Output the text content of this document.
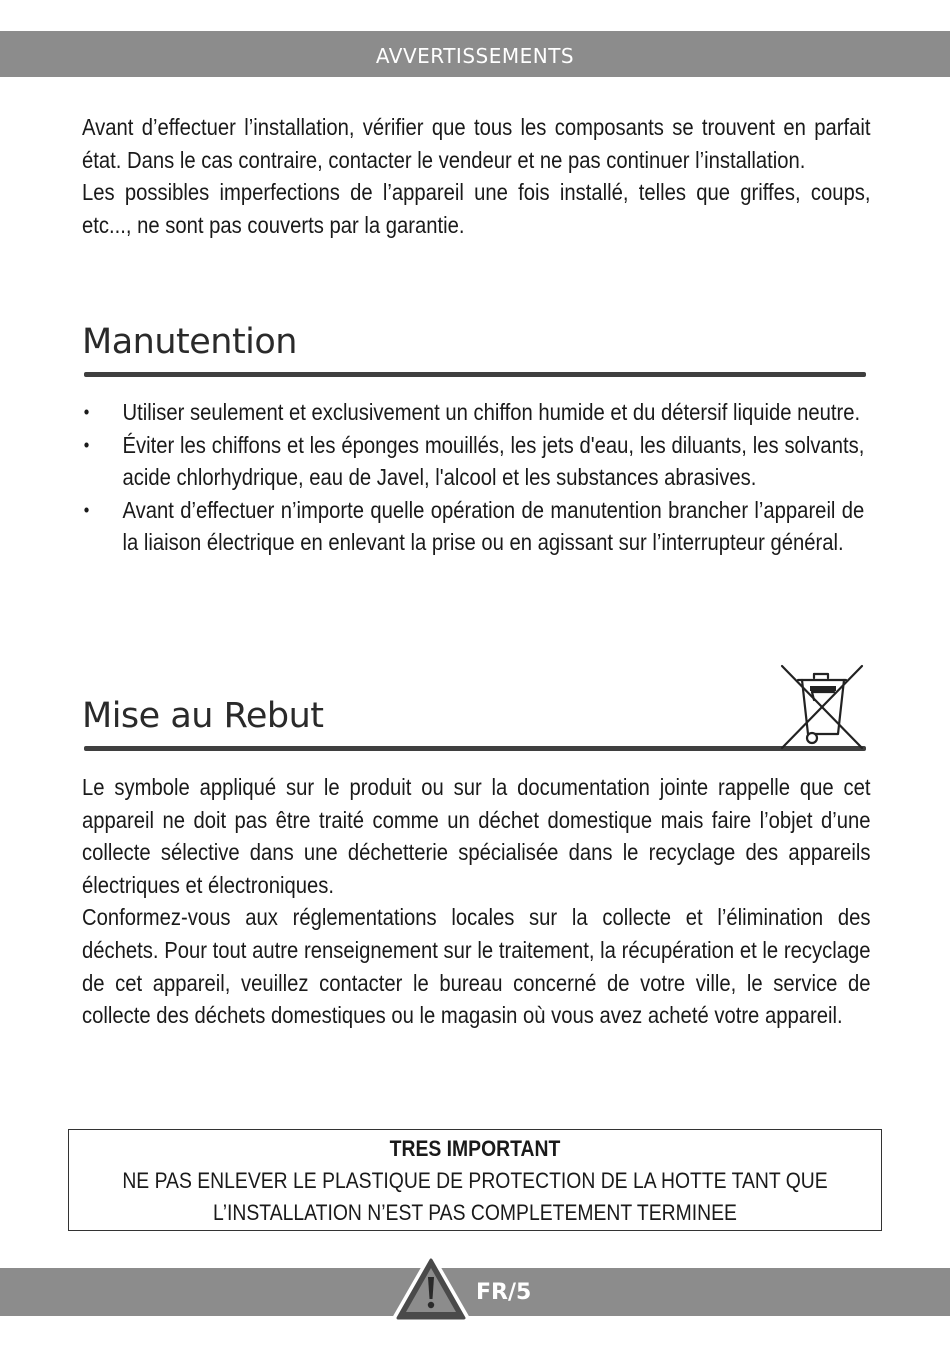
AVVERTISSEMENTS

Avant d’effectuer l’installation, vérifier que tous les composants se trouvent en parfait état. Dans le cas contraire, contacter le vendeur et ne pas continuer l’installation.

Les possibles imperfections de l’appareil une fois installé, telles que griffes, coups, etc..., ne sont pas couverts par la garantie.

Manutention
• Utiliser seulement et exclusivement un chiffon humide et du détersif liquide neutre.
• Éviter les chiffons et les éponges mouillés, les jets d'eau, les diluants, les solvants, acide chlorhydrique, eau de Javel, l'alcool et les substances abrasives.
• Avant d’effectuer n’importe quelle opération de manutention brancher l’appareil de la liaison électrique en enlevant la prise ou en agissant sur l’interrupteur général.
Mise au Rebut

Le symbole appliqué sur le produit ou sur la documentation jointe rappelle que cet appareil ne doit pas être traité comme un déchet domestique mais faire l’objet d’une collecte sélective dans une déchetterie spécialisée dans le recyclage des appareils électriques et électroniques.

Conformez-vous aux réglementations locales sur la collecte et l’élimination des déchets. Pour tout autre renseignement sur le traitement, la récupération et le recyclage de cet appareil, veuillez contacter le bureau concerné de votre ville, le service de collecte des déchets domestiques ou le magasin où vous avez acheté votre appareil.

TRES IMPORTANT
NE PAS ENLEVER LE PLASTIQUE DE PROTECTION DE LA HOTTE TANT QUE
L’INSTALLATION N’EST PAS COMPLETEMENT TERMINEE
FR/5
